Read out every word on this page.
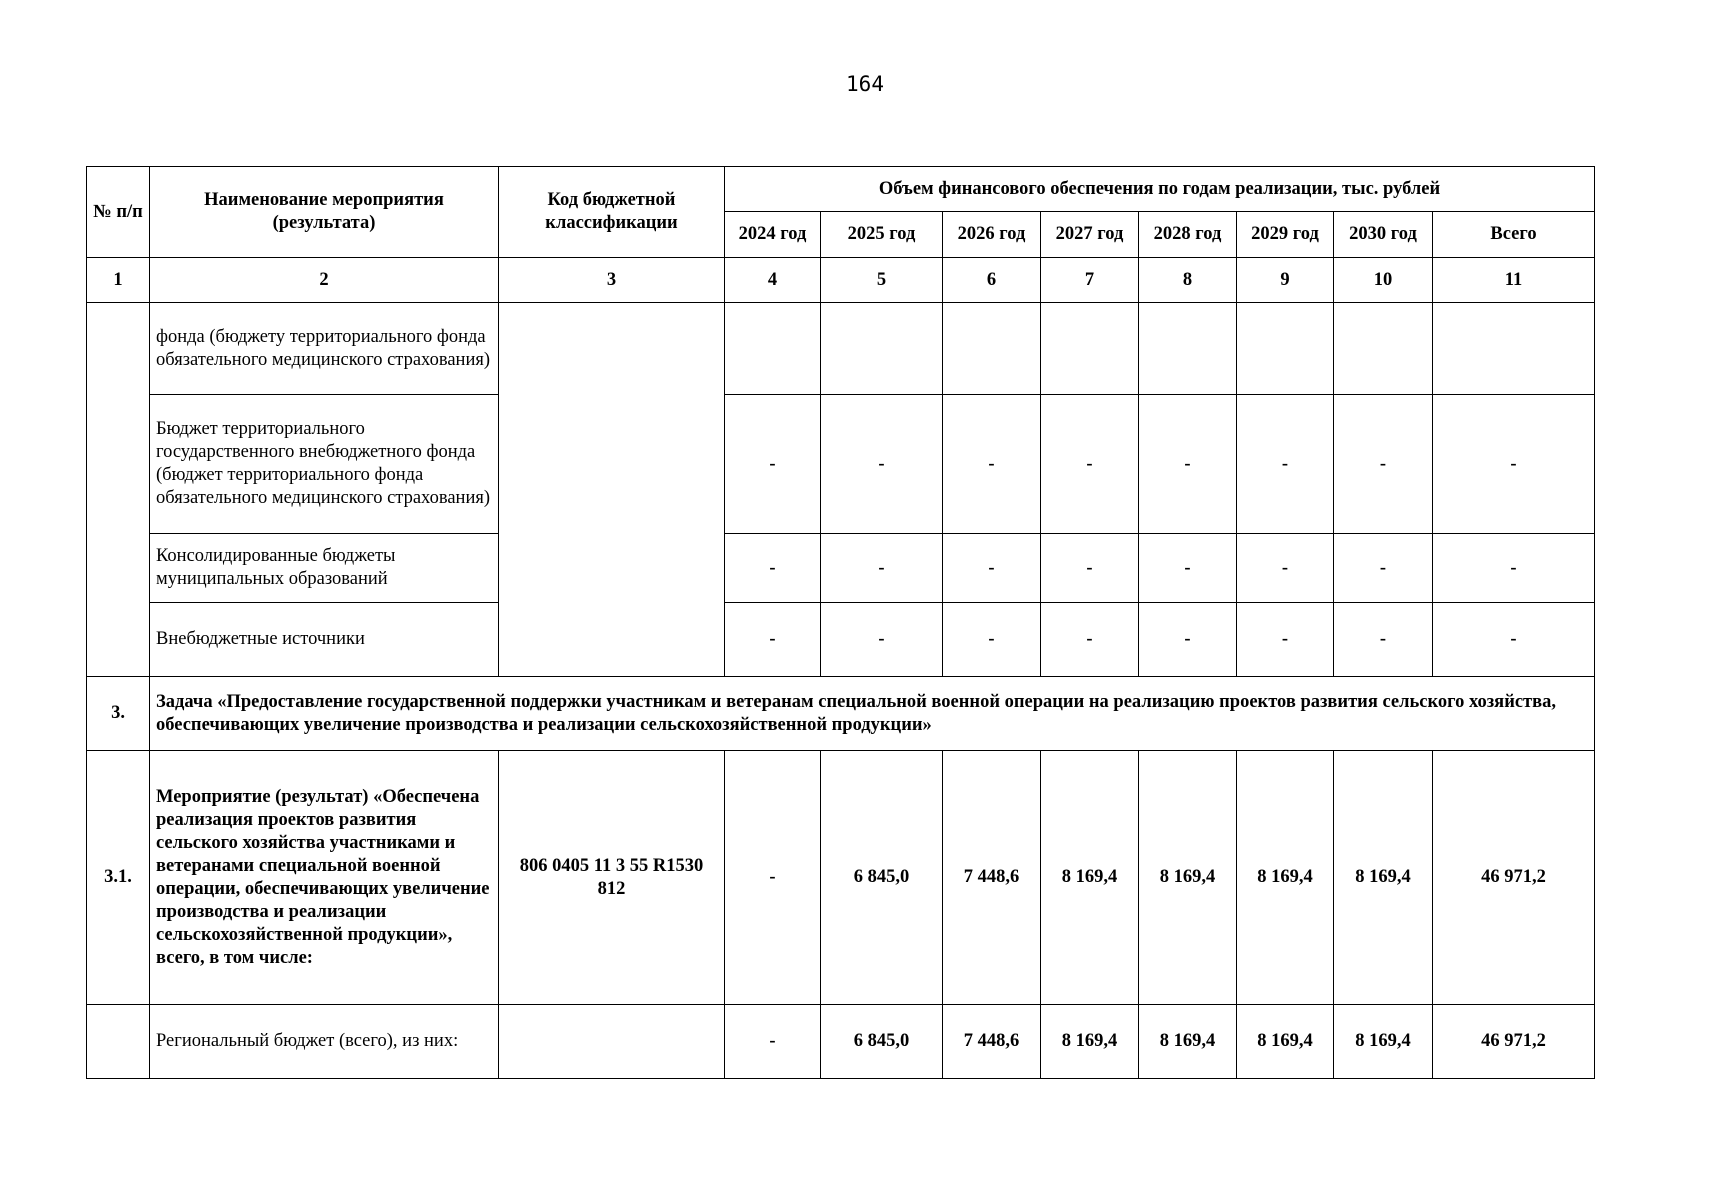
164
№ п/п	Наименование мероприятия (результата)	Код бюджетной классификации	Объем финансового обеспечения по годам реализации, тыс. рублей							
			2024 год	2025 год	2026 год	2027 год	2028 год	2029 год	2030 год	Всего
1	2	3	4	5	6	7	8	9	10	11
	фонда (бюджету территориального фонда обязательного медицинского страхования)									
	Бюджет территориального государственного внебюджетного фонда (бюджет территориального фонда обязательного медицинского страхования)		-	-	-	-	-	-	-	-
	Консолидированные бюджеты муниципальных образований		-	-	-	-	-	-	-	-
	Внебюджетные источники		-	-	-	-	-	-	-	-
3.	Задача «Предоставление государственной поддержки участникам и ветеранам специальной военной операции на реализацию проектов развития сельского хозяйства, обеспечивающих увеличение производства и реализации сельскохозяйственной продукции»									
3.1.	Мероприятие (результат) «Обеспечена реализация проектов развития сельского хозяйства участниками и ветеранами специальной военной операции, обеспечивающих увеличение производства и реализации сельскохозяйственной продукции», всего, в том числе:	806 0405 11 3 55 R1530 812	-	6 845,0	7 448,6	8 169,4	8 169,4	8 169,4	8 169,4	46 971,2
	Региональный бюджет (всего), из них:		-	6 845,0	7 448,6	8 169,4	8 169,4	8 169,4	8 169,4	46 971,2
